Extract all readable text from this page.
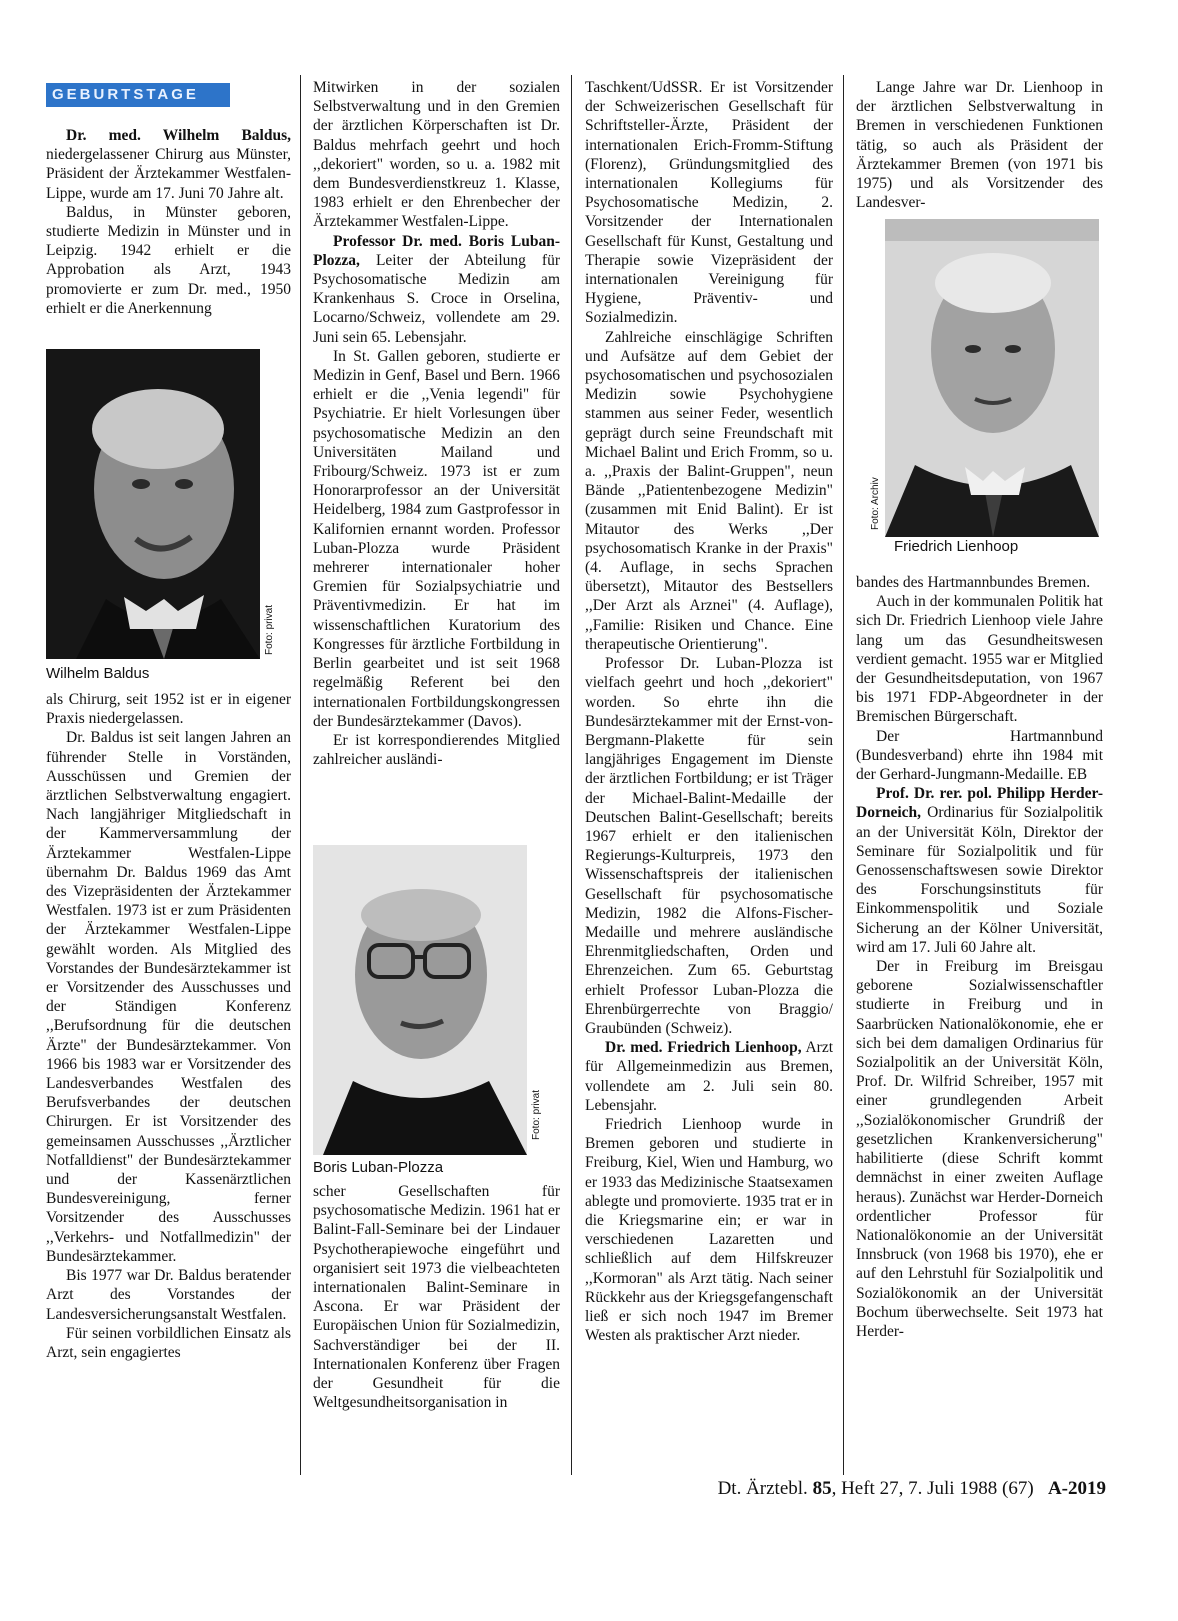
GEBURTSTAGE

Dr. med. Wilhelm Baldus, niedergelassener Chirurg aus Münster, Präsident der Ärztekammer Westfalen-Lippe, wurde am 17. Juni 70 Jahre alt.

Baldus, in Münster geboren, studierte Medizin in Münster und in Leipzig. 1942 erhielt er die Approbation als Arzt, 1943 promovierte er zum Dr. med., 1950 erhielt er die Anerkennung

Foto: privat
Wilhelm Baldus

als Chirurg, seit 1952 ist er in eigener Praxis niedergelassen.

Dr. Baldus ist seit langen Jahren an führender Stelle in Vorständen, Ausschüssen und Gremien der ärztlichen Selbstverwaltung engagiert. Nach langjähriger Mitgliedschaft in der Kammerversammlung der Ärztekammer Westfalen-Lippe übernahm Dr. Baldus 1969 das Amt des Vizepräsidenten der Ärztekammer Westfalen. 1973 ist er zum Präsidenten der Ärztekammer Westfalen-Lippe gewählt worden. Als Mitglied des Vorstandes der Bundesärztekammer ist er Vorsitzender des Ausschusses und der Ständigen Konferenz ,,Berufsordnung für die deutschen Ärzte" der Bundesärztekammer. Von 1966 bis 1983 war er Vorsitzender des Landesverbandes Westfalen des Berufsverbandes der deutschen Chirurgen. Er ist Vorsitzender des gemeinsamen Ausschusses ,,Ärztlicher Notfalldienst" der Bundesärztekammer und der Kassenärztlichen Bundesvereinigung, ferner Vorsitzender des Ausschusses ,,Verkehrs- und Notfallmedizin" der Bundesärztekammer.

Bis 1977 war Dr. Baldus beratender Arzt des Vorstandes der Landesversicherungsanstalt Westfalen.

Für seinen vorbildlichen Einsatz als Arzt, sein engagiertes

Mitwirken in der sozialen Selbstverwaltung und in den Gremien der ärztlichen Körperschaften ist Dr. Baldus mehrfach geehrt und hoch ,,dekoriert" worden, so u. a. 1982 mit dem Bundesverdienstkreuz 1. Klasse, 1983 erhielt er den Ehrenbecher der Ärztekammer Westfalen-Lippe.

Professor Dr. med. Boris Luban-Plozza, Leiter der Abteilung für Psychosomatische Medizin am Krankenhaus S. Croce in Orselina, Locarno/Schweiz, vollendete am 29. Juni sein 65. Lebensjahr.

In St. Gallen geboren, studierte er Medizin in Genf, Basel und Bern. 1966 erhielt er die ,,Venia legendi" für Psychiatrie. Er hielt Vorlesungen über psychosomatische Medizin an den Universitäten Mailand und Fribourg/Schweiz. 1973 ist er zum Honorarprofessor an der Universität Heidelberg, 1984 zum Gastprofessor in Kalifornien ernannt worden. Professor Luban-Plozza wurde Präsident mehrerer internationaler hoher Gremien für Sozialpsychiatrie und Präventivmedizin. Er hat im wissenschaftlichen Kuratorium des Kongresses für ärztliche Fortbildung in Berlin gearbeitet und ist seit 1968 regelmäßig Referent bei den internationalen Fortbildungskongressen der Bundesärztekammer (Davos).

Er ist korrespondierendes Mitglied zahlreicher ausländi-

Foto: privat
Boris Luban-Plozza

scher Gesellschaften für psychosomatische Medizin. 1961 hat er Balint-Fall-Seminare bei der Lindauer Psychotherapiewoche eingeführt und organisiert seit 1973 die vielbeachteten internationalen Balint-Seminare in Ascona. Er war Präsident der Europäischen Union für Sozialmedizin, Sachverständiger bei der II. Internationalen Konferenz über Fragen der Gesundheit für die Weltgesundheitsorganisation in

Taschkent/UdSSR. Er ist Vorsitzender der Schweizerischen Gesellschaft für Schriftsteller-Ärzte, Präsident der internationalen Erich-Fromm-Stiftung (Florenz), Gründungsmitglied des internationalen Kollegiums für Psychosomatische Medizin, 2. Vorsitzender der Internationalen Gesellschaft für Kunst, Gestaltung und Therapie sowie Vizepräsident der internationalen Vereinigung für Hygiene, Präventiv- und Sozialmedizin.

Zahlreiche einschlägige Schriften und Aufsätze auf dem Gebiet der psychosomatischen und psychosozialen Medizin sowie Psychohygiene stammen aus seiner Feder, wesentlich geprägt durch seine Freundschaft mit Michael Balint und Erich Fromm, so u. a. ,,Praxis der Balint-Gruppen", neun Bände ,,Patientenbezogene Medizin" (zusammen mit Enid Balint). Er ist Mitautor des Werks ,,Der psychosomatisch Kranke in der Praxis" (4. Auflage, in sechs Sprachen übersetzt), Mitautor des Bestsellers ,,Der Arzt als Arznei" (4. Auflage), ,,Familie: Risiken und Chance. Eine therapeutische Orientierung".

Professor Dr. Luban-Plozza ist vielfach geehrt und hoch ,,dekoriert" worden. So ehrte ihn die Bundesärztekammer mit der Ernst-von-Bergmann-Plakette für sein langjähriges Engagement im Dienste der ärztlichen Fortbildung; er ist Träger der Michael-Balint-Medaille der Deutschen Balint-Gesellschaft; bereits 1967 erhielt er den italienischen Regierungs-Kulturpreis, 1973 den Wissenschaftspreis der italienischen Gesellschaft für psychosomatische Medizin, 1982 die Alfons-Fischer-Medaille und mehrere ausländische Ehrenmitgliedschaften, Orden und Ehrenzeichen. Zum 65. Geburtstag erhielt Professor Luban-Plozza die Ehrenbürgerrechte von Braggio/ Graubünden (Schweiz).

Dr. med. Friedrich Lienhoop, Arzt für Allgemeinmedizin aus Bremen, vollendete am 2. Juli sein 80. Lebensjahr.

Friedrich Lienhoop wurde in Bremen geboren und studierte in Freiburg, Kiel, Wien und Hamburg, wo er 1933 das Medizinische Staatsexamen ablegte und promovierte. 1935 trat er in die Kriegsmarine ein; er war in verschiedenen Lazaretten und schließlich auf dem Hilfskreuzer ,,Kormoran" als Arzt tätig. Nach seiner Rückkehr aus der Kriegsgefangenschaft ließ er sich noch 1947 im Bremer Westen als praktischer Arzt nieder.

Lange Jahre war Dr. Lienhoop in der ärztlichen Selbstverwaltung in Bremen in verschiedenen Funktionen tätig, so auch als Präsident der Ärztekammer Bremen (von 1971 bis 1975) und als Vorsitzender des Landesver-

Foto: Archiv
Friedrich Lienhoop

bandes des Hartmannbundes Bremen.

Auch in der kommunalen Politik hat sich Dr. Friedrich Lienhoop viele Jahre lang um das Gesundheitswesen verdient gemacht. 1955 war er Mitglied der Gesundheitsdeputation, von 1967 bis 1971 FDP-Abgeordneter in der Bremischen Bürgerschaft.

Der Hartmannbund (Bundesverband) ehrte ihn 1984 mit der Gerhard-Jungmann-Medaille. EB

Prof. Dr. rer. pol. Philipp Herder-Dorneich, Ordinarius für Sozialpolitik an der Universität Köln, Direktor der Seminare für Sozialpolitik und für Genossenschaftswesen sowie Direktor des Forschungsinstituts für Einkommenspolitik und Soziale Sicherung an der Kölner Universität, wird am 17. Juli 60 Jahre alt.

Der in Freiburg im Breisgau geborene Sozialwissenschaftler studierte in Freiburg und in Saarbrücken Nationalökonomie, ehe er sich bei dem damaligen Ordinarius für Sozialpolitik an der Universität Köln, Prof. Dr. Wilfrid Schreiber, 1957 mit einer grundlegenden Arbeit ,,Sozialökonomischer Grundriß der gesetzlichen Krankenversicherung" habilitierte (diese Schrift kommt demnächst in einer zweiten Auflage heraus). Zunächst war Herder-Dorneich ordentlicher Professor für Nationalökonomie an der Universität Innsbruck (von 1968 bis 1970), ehe er auf den Lehrstuhl für Sozialpolitik und Sozialökonomik an der Universität Bochum überwechselte. Seit 1973 hat Herder-

Dt. Ärztebl. 85, Heft 27, 7. Juli 1988 (67) A-2019
